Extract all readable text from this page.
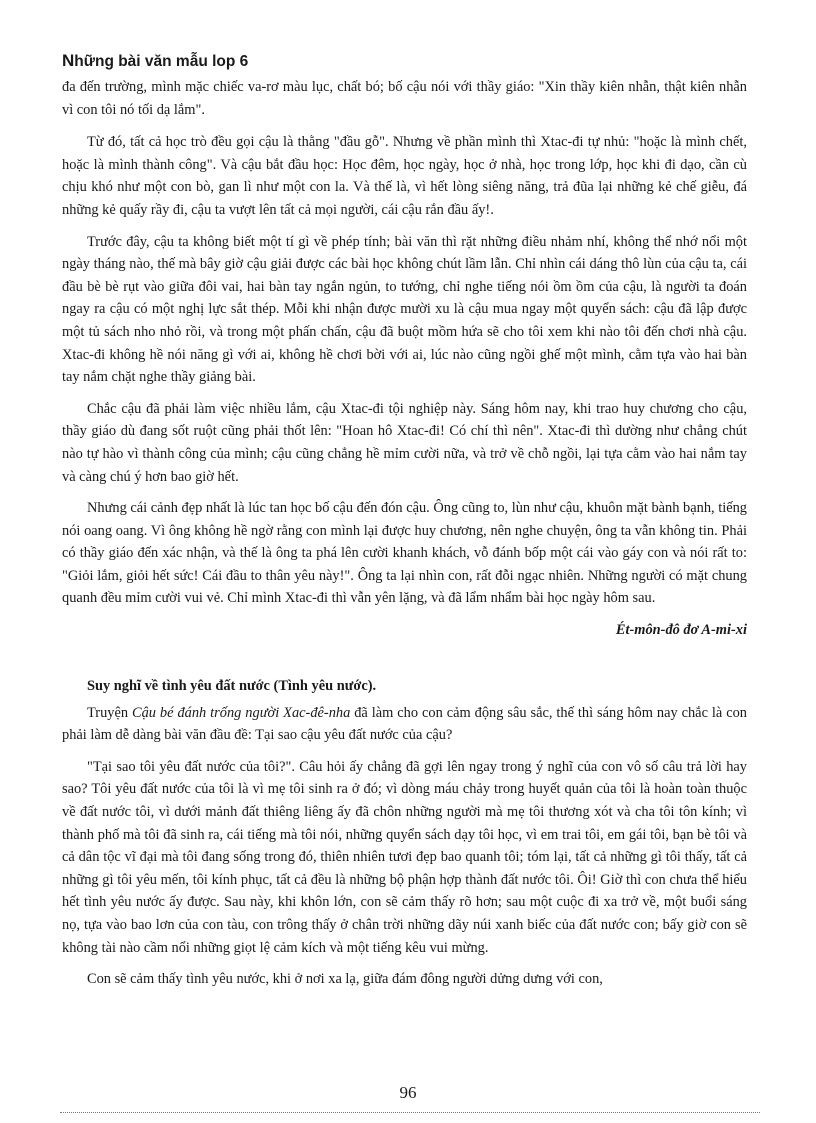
Những bài văn mẫu lop 6

đa đến trường, mình mặc chiếc va-rơ màu lục, chất bó; bố cậu nói với thầy giáo: "Xin thầy kiên nhẫn, thật kiên nhẫn vì con tôi nó tối dạ lắm".

Từ đó, tất cả học trò đều gọi cậu là thằng "đầu gỗ". Nhưng về phần mình thì Xtac-đi tự nhủ: "hoặc là mình chết, hoặc là mình thành công". Và cậu bắt đầu học: Học đêm, học ngày, học ở nhà, học trong lớp, học khi đi dạo, cần cù chịu khó như một con bò, gan lì như một con la. Và thế là, vì hết lòng siêng năng, trả đũa lại những kẻ chế giễu, đá những kẻ quấy rầy đi, cậu ta vượt lên tất cả mọi người, cái cậu rắn đầu ấy!.

Trước đây, cậu ta không biết một tí gì về phép tính; bài văn thì rặt những điều nhảm nhí, không thể nhớ nổi một ngày tháng nào, thế mà bây giờ cậu giải được các bài học không chút lầm lẫn. Chỉ nhìn cái dáng thô lùn của cậu ta, cái đầu bè bè rụt vào giữa đôi vai, hai bàn tay ngắn ngủn, to tướng, chỉ nghe tiếng nói ồm ồm của cậu, là người ta đoán ngay ra cậu có một nghị lực sắt thép. Mỗi khi nhận được mười xu là cậu mua ngay một quyển sách: cậu đã lập được một tủ sách nho nhỏ rồi, và trong một phấn chấn, cậu đã buột mồm hứa sẽ cho tôi xem khi nào tôi đến chơi nhà cậu. Xtac-đi không hề nói năng gì với ai, không hề chơi bời với ai, lúc nào cũng ngồi ghế một mình, cằm tựa vào hai bàn tay nắm chặt nghe thầy giảng bài.

Chắc cậu đã phải làm việc nhiều lắm, cậu Xtac-đi tội nghiệp này. Sáng hôm nay, khi trao huy chương cho cậu, thầy giáo dù đang sốt ruột cũng phải thốt lên: "Hoan hô Xtac-đi! Có chí thì nên". Xtac-đi thì dường như chẳng chút nào tự hào vì thành công của mình; cậu cũng chẳng hề mỉm cười nữa, và trở về chỗ ngồi, lại tựa cằm vào hai nắm tay và càng chú ý hơn bao giờ hết.

Nhưng cái cảnh đẹp nhất là lúc tan học bố cậu đến đón cậu. Ông cũng to, lùn như cậu, khuôn mặt bành bạnh, tiếng nói oang oang. Vì ông không hề ngờ rằng con mình lại được huy chương, nên nghe chuyện, ông ta vẫn không tin. Phải có thầy giáo đến xác nhận, và thế là ông ta phá lên cười khanh khách, vỗ đánh bốp một cái vào gáy con và nói rất to: "Giỏi lắm, giỏi hết sức! Cái đầu to thân yêu này!". Ông ta lại nhìn con, rất đỗi ngạc nhiên. Những người có mặt chung quanh đều mỉm cười vui vẻ. Chỉ mình Xtac-đi thì vẫn yên lặng, và đã lẩm nhẩm bài học ngày hôm sau.

Ét-môn-đô đơ A-mi-xi

Suy nghĩ về tình yêu đất nước (Tình yêu nước).

Truyện Cậu bé đánh trống người Xac-đê-nha đã làm cho con cảm động sâu sắc, thế thì sáng hôm nay chắc là con phải làm dễ dàng bài văn đầu đề: Tại sao cậu yêu đất nước của cậu?

"Tại sao tôi yêu đất nước của tôi?". Câu hỏi ấy chẳng đã gợi lên ngay trong ý nghĩ của con vô số câu trả lời hay sao? Tôi yêu đất nước của tôi là vì mẹ tôi sinh ra ở đó; vì dòng máu chảy trong huyết quản của tôi là hoàn toàn thuộc về đất nước tôi, vì dưới mảnh đất thiêng liêng ấy đã chôn những người mà mẹ tôi thương xót và cha tôi tôn kính; vì thành phố mà tôi đã sinh ra, cái tiếng mà tôi nói, những quyển sách dạy tôi học, vì em trai tôi, em gái tôi, bạn bè tôi và cả dân tộc vĩ đại mà tôi đang sống trong đó, thiên nhiên tươi đẹp bao quanh tôi; tóm lại, tất cả những gì tôi thấy, tất cả những gì tôi yêu mến, tôi kính phục, tất cả đều là những bộ phận hợp thành đất nước tôi. Ôi! Giờ thì con chưa thể hiểu hết tình yêu nước ấy được. Sau này, khi khôn lớn, con sẽ cảm thấy rõ hơn; sau một cuộc đi xa trở về, một buổi sáng nọ, tựa vào bao lơn của con tàu, con trông thấy ở chân trời những dãy núi xanh biếc của đất nước con; bấy giờ con sẽ không tài nào cầm nổi những giọt lệ cảm kích và một tiếng kêu vui mừng.

Con sẽ cảm thấy tình yêu nước, khi ở nơi xa lạ, giữa đám đông người dửng dưng với con,

96
